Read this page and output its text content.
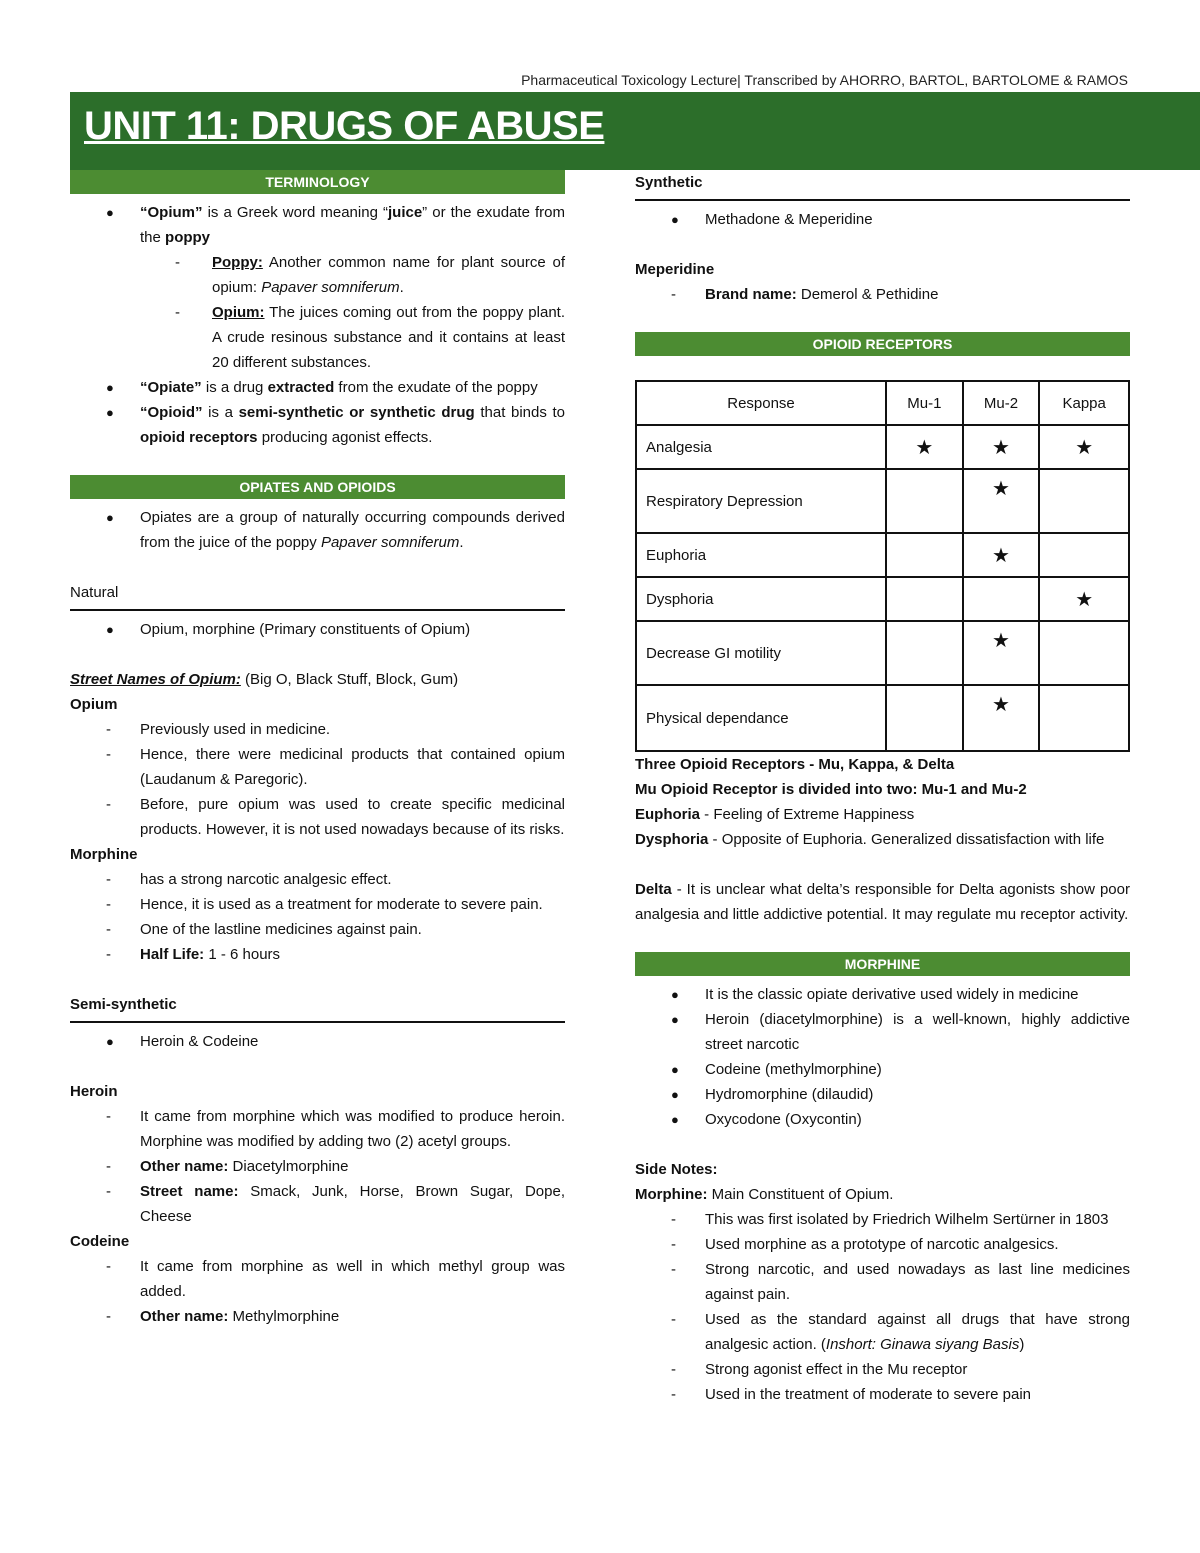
Pharmaceutical Toxicology Lecture| Transcribed by AHORRO, BARTOL, BARTOLOME & RAMOS
UNIT 11: DRUGS OF ABUSE
TERMINOLOGY
● “Opium” is a Greek word meaning “juice” or the exudate from the poppy
- Poppy: Another common name for plant source of opium: Papaver somniferum.
- Opium: The juices coming out from the poppy plant. A crude resinous substance and it contains at least 20 different substances.
● “Opiate” is a drug extracted from the exudate of the poppy
● “Opioid” is a semi-synthetic or synthetic drug that binds to opioid receptors producing agonist effects.
OPIATES AND OPIOIDS
● Opiates are a group of naturally occurring compounds derived from the juice of the poppy Papaver somniferum.
Natural
● Opium, morphine (Primary constituents of Opium)
Street Names of Opium: (Big O, Black Stuff, Block, Gum)
Opium
- Previously used in medicine.
- Hence, there were medicinal products that contained opium (Laudanum & Paregoric).
- Before, pure opium was used to create specific medicinal products. However, it is not used nowadays because of its risks.
Morphine
- has a strong narcotic analgesic effect.
- Hence, it is used as a treatment for moderate to severe pain.
- One of the lastline medicines against pain.
- Half Life: 1 - 6 hours
Semi-synthetic
● Heroin & Codeine
Heroin
- It came from morphine which was modified to produce heroin. Morphine was modified by adding two (2) acetyl groups.
- Other name: Diacetylmorphine
- Street name: Smack, Junk, Horse, Brown Sugar, Dope, Cheese
Codeine
- It came from morphine as well in which methyl group was added.
- Other name: Methylmorphine
Synthetic
● Methadone & Meperidine
Meperidine
- Brand name: Demerol & Pethidine
OPIOID RECEPTORS
Response	Mu-1	Mu-2	Kappa
Analgesia	★	★	★
Respiratory Depression		★	
Euphoria		★	
Dysphoria			★
Decrease GI motility		★	
Physical dependance		★	
Three Opioid Receptors - Mu, Kappa, & Delta
Mu Opioid Receptor is divided into two: Mu-1 and Mu-2
Euphoria - Feeling of Extreme Happiness
Dysphoria - Opposite of Euphoria. Generalized dissatisfaction with life
Delta - It is unclear what delta’s responsible for Delta agonists show poor analgesia and little addictive potential. It may regulate mu receptor activity.
MORPHINE
● It is the classic opiate derivative used widely in medicine
● Heroin (diacetylmorphine) is a well-known, highly addictive street narcotic
● Codeine (methylmorphine)
● Hydromorphine (dilaudid)
● Oxycodone (Oxycontin)
Side Notes:
Morphine: Main Constituent of Opium.
- This was first isolated by Friedrich Wilhelm Sertürner in 1803
- Used morphine as a prototype of narcotic analgesics.
- Strong narcotic, and used nowadays as last line medicines against pain.
- Used as the standard against all drugs that have strong analgesic action. (Inshort: Ginawa siyang Basis)
- Strong agonist effect in the Mu receptor
- Used in the treatment of moderate to severe pain
